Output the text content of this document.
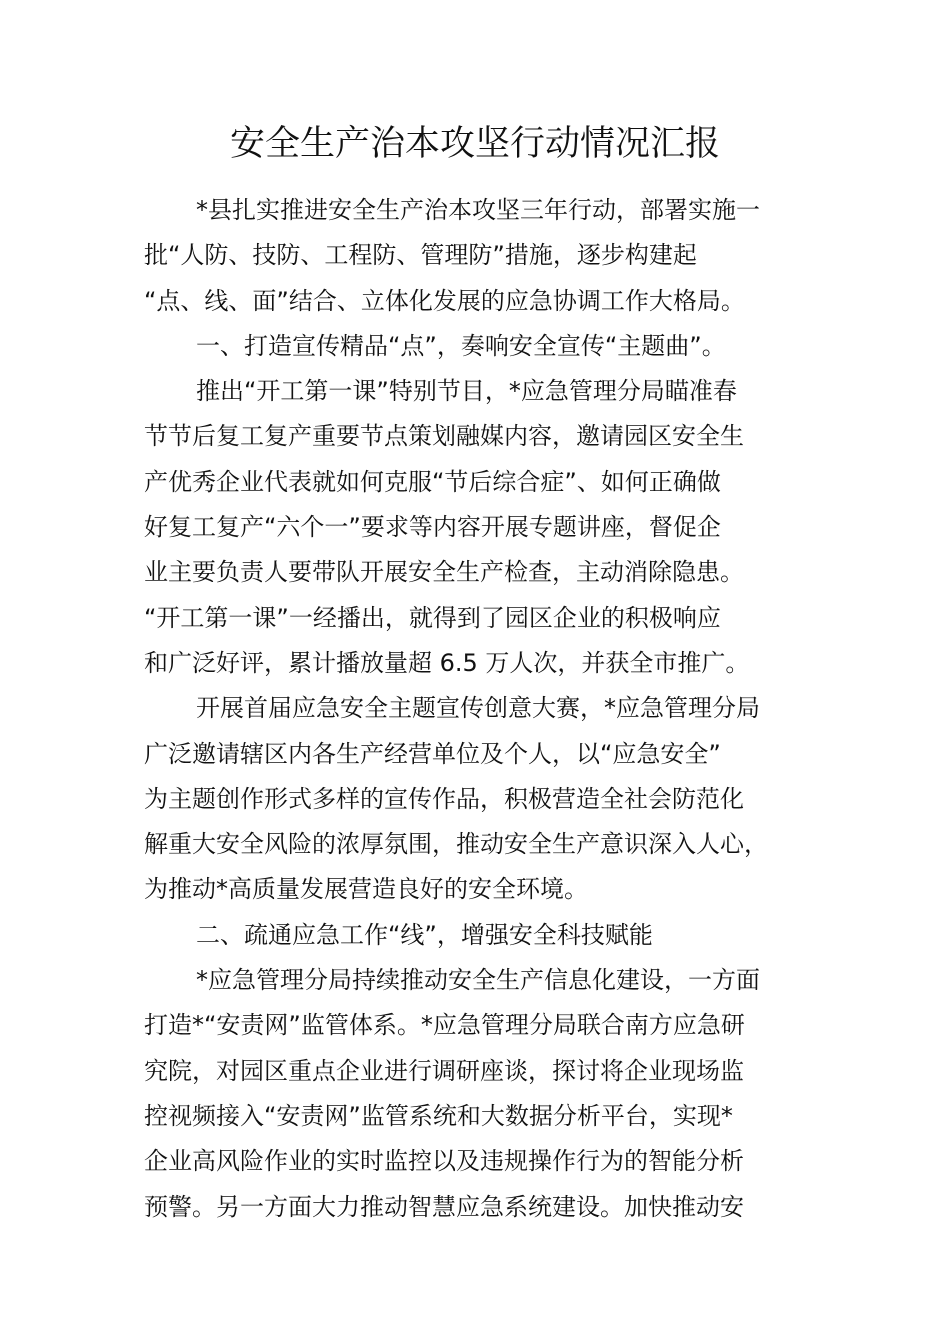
安全生产治本攻坚行动情况汇报
*县扎实推进安全生产治本攻坚三年行动，部署实施一
批“人防、技防、工程防、管理防”措施，逐步构建起
“点、线、面”结合、立体化发展的应急协调工作大格局。
一、打造宣传精品“点”，奏响安全宣传“主题曲”。
推出“开工第一课”特别节目，*应急管理分局瞄准春
节节后复工复产重要节点策划融媒内容，邀请园区安全生
产优秀企业代表就如何克服“节后综合症”、如何正确做
好复工复产“六个一”要求等内容开展专题讲座，督促企
业主要负责人要带队开展安全生产检查，主动消除隐患。
“开工第一课”一经播出，就得到了园区企业的积极响应
和广泛好评，累计播放量超 6.5 万人次，并获全市推广。
开展首届应急安全主题宣传创意大赛，*应急管理分局
广泛邀请辖区内各生产经营单位及个人，以“应急安全”
为主题创作形式多样的宣传作品，积极营造全社会防范化
解重大安全风险的浓厚氛围，推动安全生产意识深入人心，
为推动*高质量发展营造良好的安全环境。
二、疏通应急工作“线”，增强安全科技赋能
*应急管理分局持续推动安全生产信息化建设，一方面
打造*“安责网”监管体系。*应急管理分局联合南方应急研
究院，对园区重点企业进行调研座谈，探讨将企业现场监
控视频接入“安责网”监管系统和大数据分析平台，实现*
企业高风险作业的实时监控以及违规操作行为的智能分析
预警。另一方面大力推动智慧应急系统建设。加快推动安
